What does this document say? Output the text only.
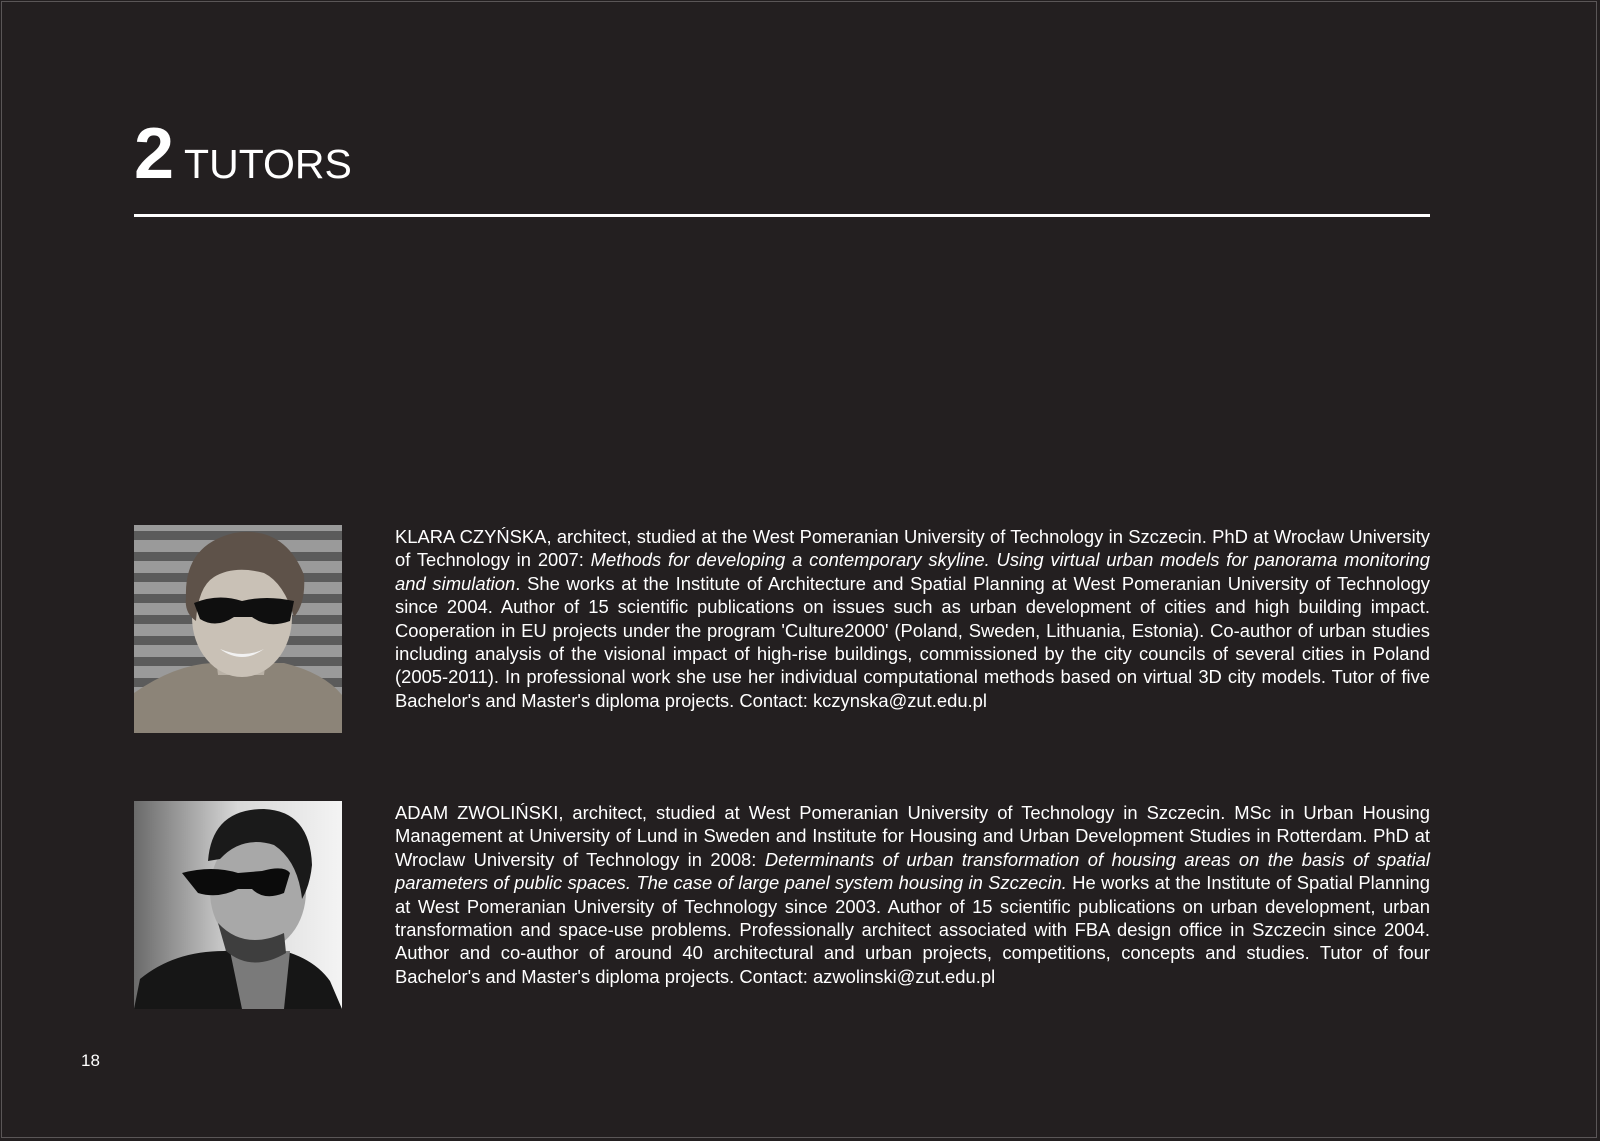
2 TUTORS
KLARA CZYŃSKA, architect, studied at the West Pomeranian University of Technology in Szczecin. PhD at Wrocław University of Technology in 2007: Methods for developing a contemporary skyline. Using virtual urban models for panorama monitoring and simulation. She works at the Institute of Architecture and Spatial Planning at West Pomeranian University of Technology since 2004. Author of 15 scientific publications on issues such as urban development of cities and high building impact. Cooperation in EU projects under the program 'Culture2000' (Poland, Sweden, Lithuania, Estonia). Co-author of urban studies including analysis of the visional impact of high-rise buildings, commissioned by the city councils of several cities in Poland (2005-2011). In professional work she use her individual computational methods based on virtual 3D city models. Tutor of five Bachelor's and Master's diploma projects. Contact: kczynska@zut.edu.pl
ADAM ZWOLIŃSKI, architect, studied at West Pomeranian University of Technology in Szczecin. MSc in Urban Housing Management at University of Lund in Sweden and Institute for Housing and Urban Development Studies in Rotterdam. PhD at Wroclaw University of Technology in 2008: Determinants of urban transformation of housing areas on the basis of spatial parameters of public spaces. The case of large panel system housing in Szczecin. He works at the Institute of Spatial Planning at West Pomeranian University of Technology since 2003. Author of 15 scientific publications on urban development, urban transformation and space-use problems. Professionally architect associated with FBA design office in Szczecin since 2004. Author and co-author of around 40 architectural and urban projects, competitions, concepts and studies. Tutor of four Bachelor's and Master's diploma projects. Contact: azwolinski@zut.edu.pl
18
